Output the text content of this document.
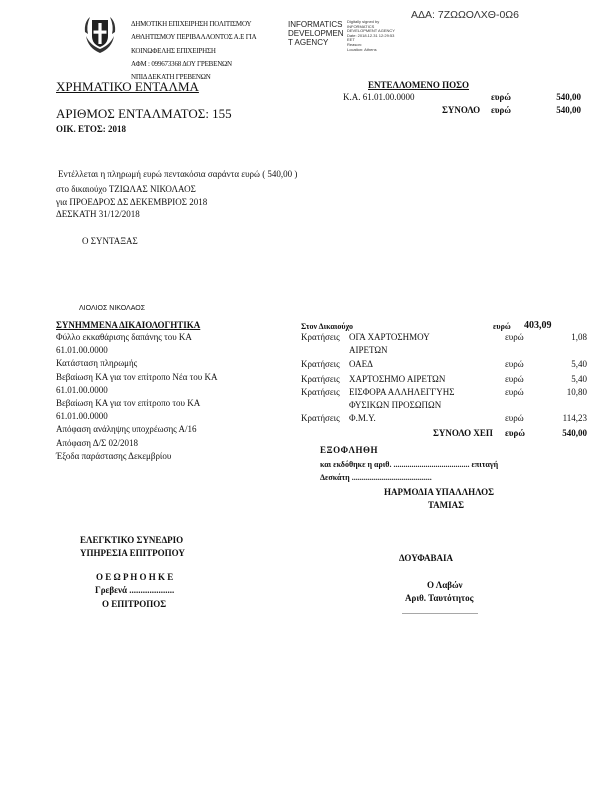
ΑΔΑ: 7ΖΩΩΟΛΧΘ-0Ω6
ΔΗΜΟΤΙΚΗ ΕΠΙΧΕΙΡΗΣΗ ΠΟΛΙΤΙΣΜΟΥ
ΑΘΛΗΤΙΣΜΟΥ ΠΕΡΙΒΑΛΛΟΝΤΟΣ Α.Ε ΓΙΑ
ΚΟΙΝΩΦΕΛΗΣ ΕΠΙΧΕΙΡΗΣΗ
ΑΦΜ : 099673368 ΔΟΥ ΓΡΕΒΕΝΩΝ
ΝΠΙΔ ΔΕΚΑΤΗ ΓΡΕΒΕΝΩΝ
INFORMATICS
DEVELOPMEN
T AGENCY
Digitally signed by
INFORMATICS
DEVELOPMENT AGENCY
Date: 2018.12.31 12:29:53
EET
Reason:
Location: Athens
ΧΡΗΜΑΤΙΚΟ ΕΝΤΑΛΜΑ
ΑΡΙΘΜΟΣ ΕΝΤΑΛΜΑΤΟΣ: 155
ΟΙΚ. ΕΤΟΣ: 2018
ΕΝΤΕΛΛΟΜΕΝΟ ΠΟΣΟ
Κ.Α. 61.01.00.0000	ευρώ	540,00
ΣΥΝΟΛΟ ευρώ	540,00
Εντέλλεται η πληρωμή ευρώ πεντακόσια σαράντα ευρώ ( 540,00 )
στο δικαιούχο ΤΖΙΩΛΑΣ ΝΙΚΟΛΑΟΣ
για ΠΡΟΕΔΡΟΣ ΔΣ ΔΕΚΕΜΒΡΙΟΣ 2018
ΔΕΣΚΑΤΗ 31/12/2018
Ο ΣΥΝΤΑΞΑΣ
ΛΙΟΛΙΟΣ ΝΙΚΟΛΑΟΣ
ΣΥΝΗΜΜΕΝΑ ΔΙΚΑΙΟΛΟΓΗΤΙΚΑ
Φύλλο εκκαθάρισης δαπάνης του ΚΑ
61.01.00.0000
Κατάσταση πληρωμής
Βεβαίωση ΚΑ για τον επίτροπο Νέα του ΚΑ
61.01.00.0000
Βεβαίωση ΚΑ για τον επίτροπο του ΚΑ
61.01.00.0000
Απόφαση ανάληψης υποχρέωσης Α/16
Απόφαση Δ/Σ 02/2018
Έξοδα παράστασης Δεκεμβρίου
Στον Δικαιούχο	ευρώ 403,09
Κρατήσεις ΟΓΑ ΧΑΡΤΟΣΗΜΟΥ	ευρώ	1,08
ΑΙΡΕΤΩΝ
Κρατήσεις ΟΑΕΔ	ευρώ	5,40
Κρατήσεις ΧΑΡΤΟΣΗΜΟ ΑΙΡΕΤΩΝ	ευρώ	5,40
Κρατήσεις ΕΙΣΦΟΡΑ ΑΛΛΗΛΕΓΓΥΗΣ	ευρώ	10,80
ΦΥΣΙΚΩΝ ΠΡΟΣΩΠΩΝ
Κρατήσεις Φ.Μ.Υ.	ευρώ	114,23
ΣΥΝΟΛΟ ΧΕΠ ευρώ	540,00
ΕΞΟΦΛΗΘΗ
και εκδόθηκε η αριθ. ...................................... επιταγή
Δεσκάτη ........................................
ΗΑΡΜΟΔΙΑ ΥΠΑΛΛΗΛΟΣ
ΤΑΜΙΑΣ
ΕΛΕΓΚΤΙΚΟ ΣΥΝΕΔΡΙΟ
ΥΠΗΡΕΣΙΑ ΕΠΙΤΡΟΠΟΥ
Ο Ε Ω Ρ Η Ο Η Κ Ε
Γρεβενά ....................
Ο ΕΠΙΤΡΟΠΟΣ
ΔΟΥΦΑΒΑΙΑ
Ο Λαβών
Αριθ. Ταυτότητος
......................................
